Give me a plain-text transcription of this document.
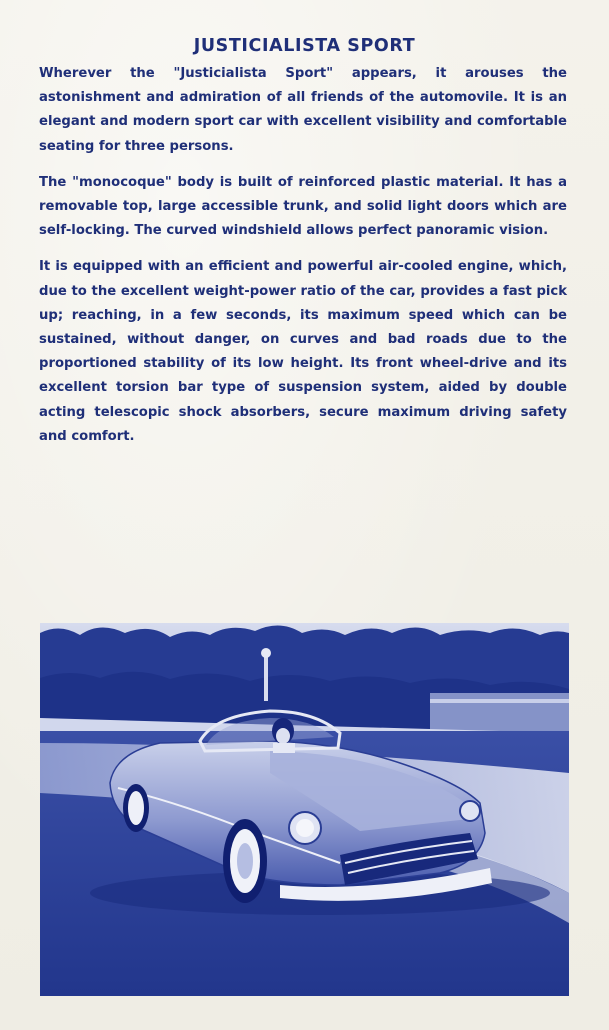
JUSTICIALISTA SPORT

Wherever the "Justicialista Sport" appears, it arouses the astonishment and admiration of all friends of the automovile. It is an elegant and modern sport car with excellent visibility and comfortable seating for three persons.

The "monocoque" body is built of reinforced plastic material. It has a removable top, large accessible trunk, and solid light doors which are self-locking. The curved windshield allows perfect panoramic vision.

It is equipped with an efficient and powerful air-cooled engine, which, due to the excellent weight-power ratio of the car, provides a fast pick up; reaching, in a few seconds, its maximum speed which can be sustained, without danger, on curves and bad roads due to the proportioned stability of its low height. Its front wheel-drive and its excellent torsion bar type of suspension system, aided by double acting telescopic shock absorbers, secure maximum driving safety and comfort.
